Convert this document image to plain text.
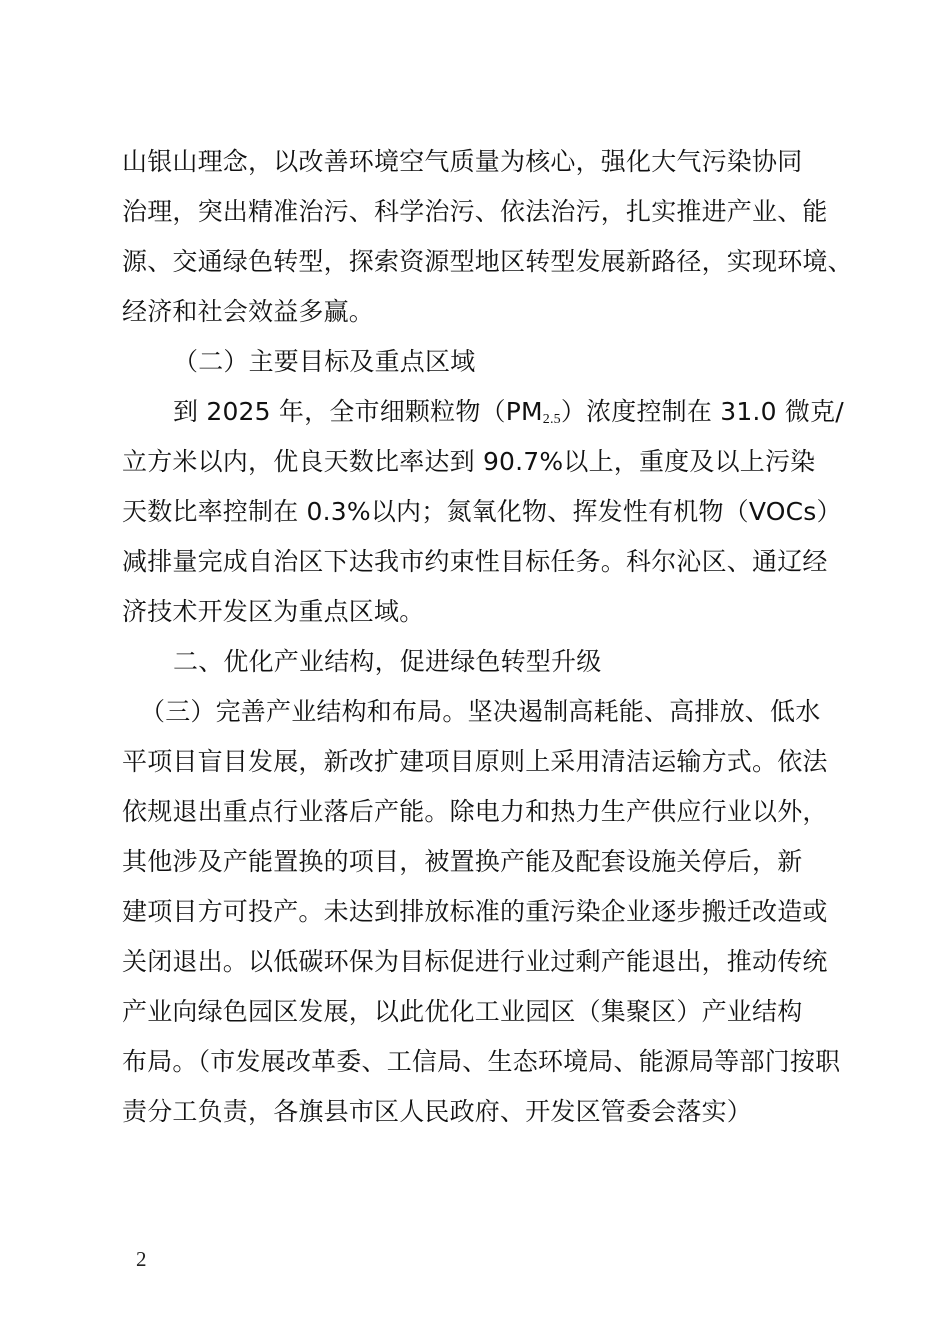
山银山理念，以改善环境空气质量为核心，强化大气污染协同
治理，突出精准治污、科学治污、依法治污，扎实推进产业、能
源、交通绿色转型，探索资源型地区转型发展新路径，实现环境、
经济和社会效益多赢。
（二）主要目标及重点区域
到 2025 年，全市细颗粒物$(PM_{2.5})$浓度控制在 31.0 微克/
立方米以内，优良天数比率达到 90.7%以上，重度及以上污染
天数比率控制在 0.3%以内；氮氧化物、挥发性有机物（VOCs）
减排量完成自治区下达我市约束性目标任务。科尔沁区、通辽经
济技术开发区为重点区域。
二、优化产业结构，促进绿色转型升级
（三）完善产业结构和布局。坚决遏制高耗能、高排放、低水
平项目盲目发展，新改扩建项目原则上采用清洁运输方式。依法
依规退出重点行业落后产能。除电力和热力生产供应行业以外，
其他涉及产能置换的项目，被置换产能及配套设施关停后，新
建项目方可投产。未达到排放标准的重污染企业逐步搬迁改造或
关闭退出。以低碳环保为目标促进行业过剩产能退出，推动传统
产业向绿色园区发展，以此优化工业园区（集聚区）产业结构
布局。（市发展改革委、工信局、生态环境局、能源局等部门按职
责分工负责，各旗县市区人民政府、开发区管委会落实）
2
